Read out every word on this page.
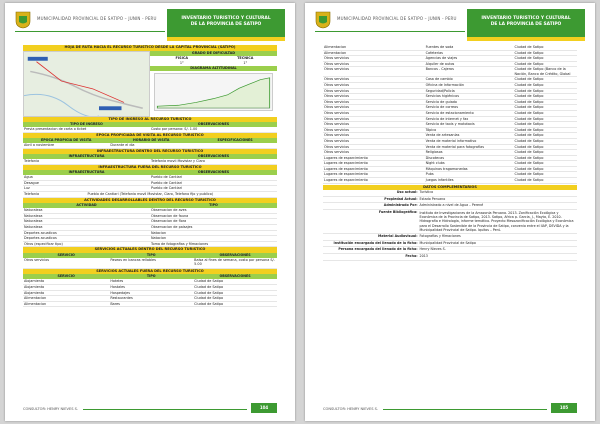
MUNICIPALIDAD PROVINCIAL DE SATIPO – JUNIN - PERU	INVENTARIO TURISTICO Y CULTURAL
DE LA PROVINCIA DE SATIPO
HOJA DE RUTA HACIA EL RECURSO TURISTICO DESDE LA CAPITAL PROVINCIAL (SATIPO)
GRADO DE DIFICULTAD
FISICA	TECNICA
1°	1°
DIAGRAMA ALTITUDINAL
TIPO DE INGRESO AL RECURSO TURISTICO
TIPO DE INGRESO	OBSERVACIONES
Previa presentacion de carta o ticket	Costo por persona: S/. 1.00
EPOCA PROPICIADA DE VISITA AL RECURSO TURISTICO
EPOCA PROPICIA DE VISITA	HORARIO DE VISITA	ESPECIFICACIONES
Abril a noviembre	Durante el dia
INFRAESTRUCTURA DENTRO DEL RECURSO TURISTICO
INFRAESTRUCTURA	OBSERVACIONES
Telefonia	Telefonia movil Movistar y Claro
INFRAESTRUCTURA FUERA DEL RECURSO TURISTICO
INFRAESTRUCTURA	OBSERVACIONES
Agua	Pueblo de Cantiari
Desague	Pueblo de Cantiari
Luz	Pueblo de Cantiari
Telefonia	Pueblo de Cantiari (Telefonia movil Movistar, Claro, Telefono fijo y publico)
ACTIVIDADES DESARROLLABLES DENTRO DEL RECURSO TURISTICO
ACTIVIDAD	TIPO
Naturaleza	Observacion de aves
Naturaleza	Observacion de fauna
Naturaleza	Observacion de flora
Naturaleza	Observacion de paisajes
Deportes acuaticos	Natacion
Deportes acuaticos	Natacion
Otros (especificar tipo)	Toma de fotografias y filmaciones
SERVICIOS ACTUALES DENTRO DEL RECURSO TURISTICO
SERVICIO	TIPO	OBSERVACIONES
Otros servicios	Paseos en bancas rellables	Balsa al fines de semana, costo por persona S/. 5.00
SERVICIOS ACTUALES FUERA DEL RECURSO TURISTICO
SERVICIO	TIPO	OBSERVACIONES
Alojamiento	Hoteles	Ciudad de Satipo
Alojamiento	Hostales	Ciudad de Satipo
Alojamiento	Hospedajes	Ciudad de Satipo
Alimentacion	Restaurantes	Ciudad de Satipo
Alimentacion	Bares	Ciudad de Satipo
CONSULTOR: HENRY NIEVES S.	104
MUNICIPALIDAD PROVINCIAL DE SATIPO – JUNIN - PERU	INVENTARIO TURISTICO Y CULTURAL
DE LA PROVINCIA DE SATIPO
Alimentacion	Fuentes de soda	Ciudad de Satipo
Alimentacion	Cafeterias	Ciudad de Satipo
Otros servicios	Agencias de viajes	Ciudad de Satipo
Otros servicios	Alquiler de autos	Ciudad de Satipo
Otros servicios	Bancos - Cajeros	Ciudad de Satipo (Banco de la Nación, Banco de Crédito, Global
Otros servicios	Casa de cambio	Ciudad de Satipo
Otros servicios	Oficina de Información	Ciudad de Satipo
Otros servicios	Seguridad/Policía	Ciudad de Satipo
Otros servicios	Servicios higiénicos	Ciudad de Satipo
Otros servicios	Servicio de guiado	Ciudad de Satipo
Otros servicios	Servicio de correos	Ciudad de Satipo
Otros servicios	Servicio de estacionamiento	Ciudad de Satipo
Otros servicios	Servicio de internet y fax	Ciudad de Satipo
Otros servicios	Servicio de taxis y mototaxis	Ciudad de Satipo
Otros servicios	Tópico	Ciudad de Satipo
Otros servicios	Venta de artesanías	Ciudad de Satipo
Otros servicios	Venta de material informativo	Ciudad de Satipo
Otros servicios	Venta de material para fotografías	Ciudad de Satipo
Otros servicios	Religiosos	Ciudad de Satipo
Lugares de esparcimiento	Discotecas	Ciudad de Satipo
Lugares de esparcimiento	Night clubs	Ciudad de Satipo
Lugares de esparcimiento	Máquinas tragamonedas	Ciudad de Satipo
Lugares de esparcimiento	Pubs	Ciudad de Satipo
Lugares de esparcimiento	Juegos infantiles	Ciudad de Satipo
DATOS COMPLEMENTARIOS
Uso actual: Turístico
Propiedad Actual: Estado Peruano
Administrado Por: Administrado a nivel de Agua – Perené
Fuente Bibliográfica: Instituto de Investigaciones de la Amazonía Peruana. 2013. Zonificación Ecológica y Económica de la Provincia de Satipo, 2013. Satipo, Africa p. Garcia, J., Mayta, E. 2010. Hidrografía e Hidrología, informe temático. Proyecto Mesozonificación Ecológica y Económica para el Desarrollo Sostenible de la Provincia de Satipo, convenio entre el IIAP, DEVIDA y la Municipalidad Provincial de Satipo. Iquitos – Perú.
Material Audiovisual: Fotografías y filmaciones
Institución encargada del llenado de la ficha: Municipalidad Provincial de Satipo
Persona encargada del llenado de la ficha: Henry Nieves S.
Fecha: 2013
CONSULTOR: HENRY NIEVES S.	105
